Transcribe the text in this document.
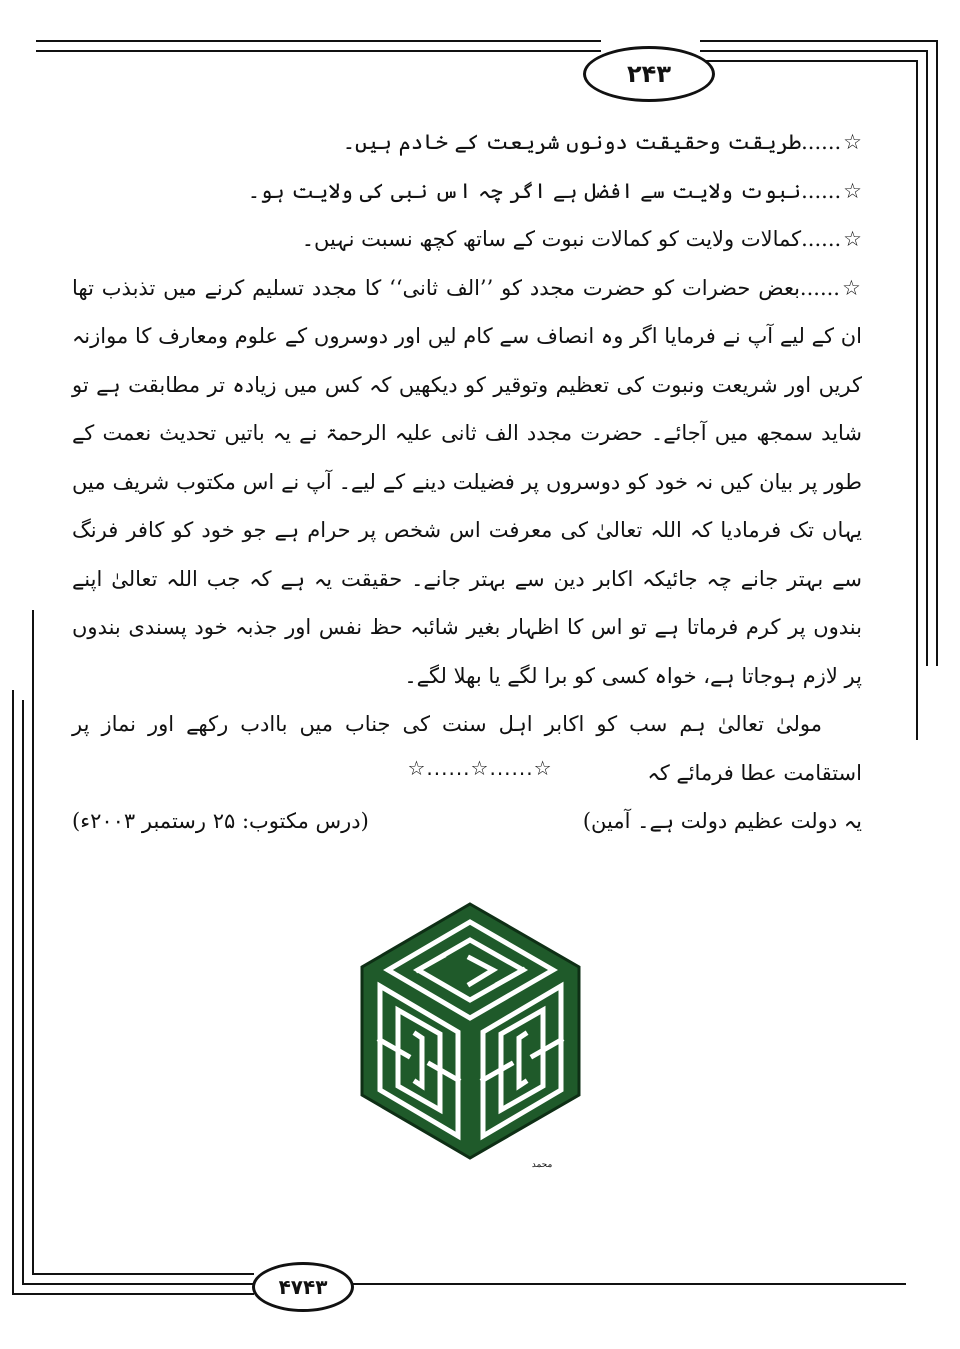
۲۴۳
۴۷۴۳

☆......طریقت وحقیقت دونوں شریعت کے خادم ہیں۔

☆......نبوت ولایت سے افضل ہے اگر چہ اس نبی کی ولایت ہو۔

☆......کمالات ولایت کو کمالات نبوت کے ساتھ کچھ نسبت نہیں۔

☆......بعض حضرات کو حضرت مجدد کو ’’الف ثانی‘‘ کا مجدد تسلیم کرنے میں تذبذب تھا ان کے لیے آپ نے فرمایا اگر وہ انصاف سے کام لیں اور دوسروں کے علوم ومعارف کا موازنہ کریں اور شریعت ونبوت کی تعظیم وتوقیر کو دیکھیں کہ کس میں زیادہ تر مطابقت ہے تو شاید سمجھ میں آجائے۔ حضرت مجدد الف ثانی علیہ الرحمۃ نے یہ باتیں تحدیث نعمت کے طور پر بیان کیں نہ خود کو دوسروں پر فضیلت دینے کے لیے۔ آپ نے اس مکتوب شریف میں یہاں تک فرمادیا کہ اللہ تعالیٰ کی معرفت اس شخص پر حرام ہے جو خود کو کافر فرنگ سے بہتر جانے چہ جائیکہ اکابر دین سے بہتر جانے۔ حقیقت یہ ہے کہ جب اللہ تعالیٰ اپنے بندوں پر کرم فرماتا ہے تو اس کا اظہار بغیر شائبہ حظ نفس اور جذبہ خود پسندی بندوں پر لازم ہوجاتا ہے، خواہ کسی کو برا لگے یا بھلا لگے۔

مولیٰ تعالیٰ ہم سب کو اکابر اہل سنت کی جناب میں باادب رکھے اور نماز پر استقامت عطا فرمائے کہ

یہ دولت عظیم دولت ہے۔ آمین)
(درس مکتوب: ۲۵ رستمبر ۲۰۰۳ء)
☆......☆......☆
محمد
